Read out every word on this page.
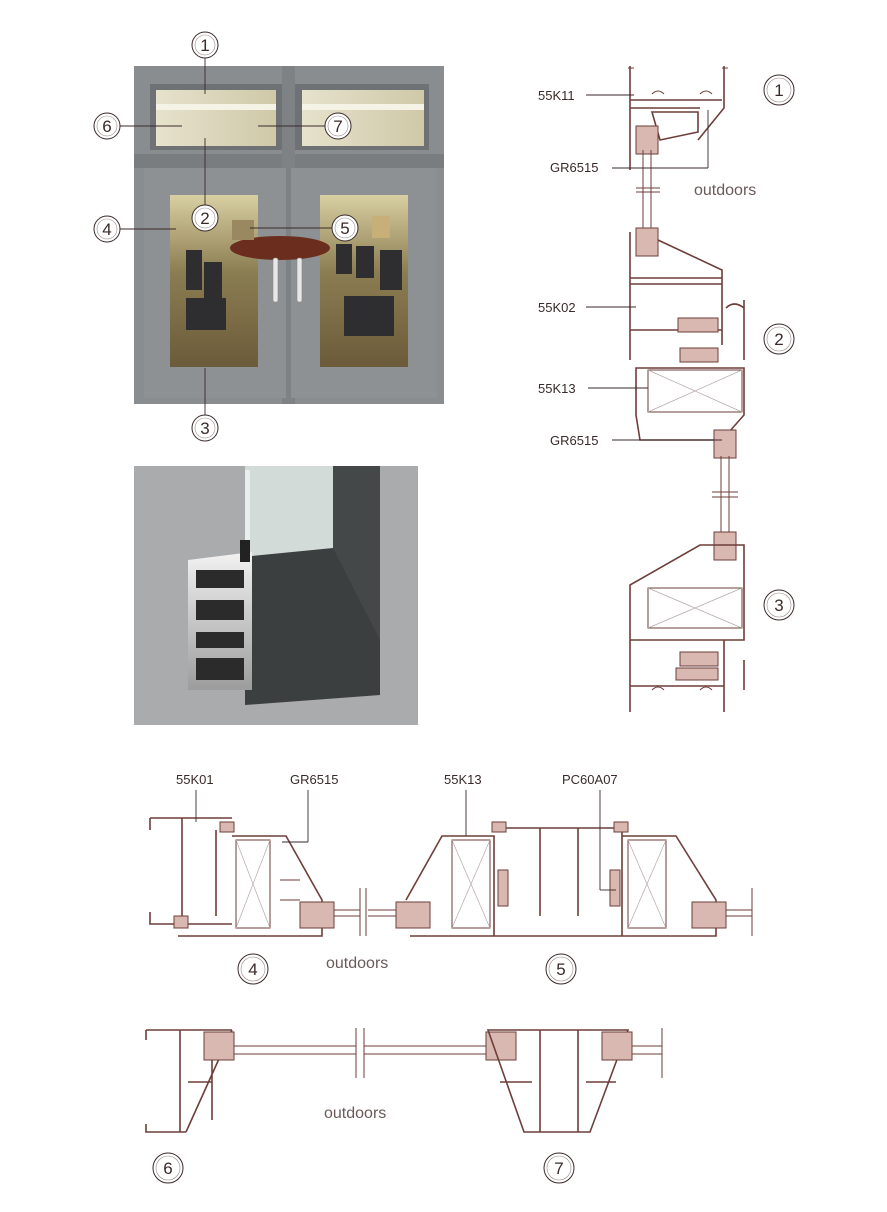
55K11
GR6515
outdoors
55K02
55K13
GR6515
55K01	GR6515	55K13	PC60A07
outdoors
outdoors
1
6	7
2
4	5
3
1
2
3
4	5
6	7
